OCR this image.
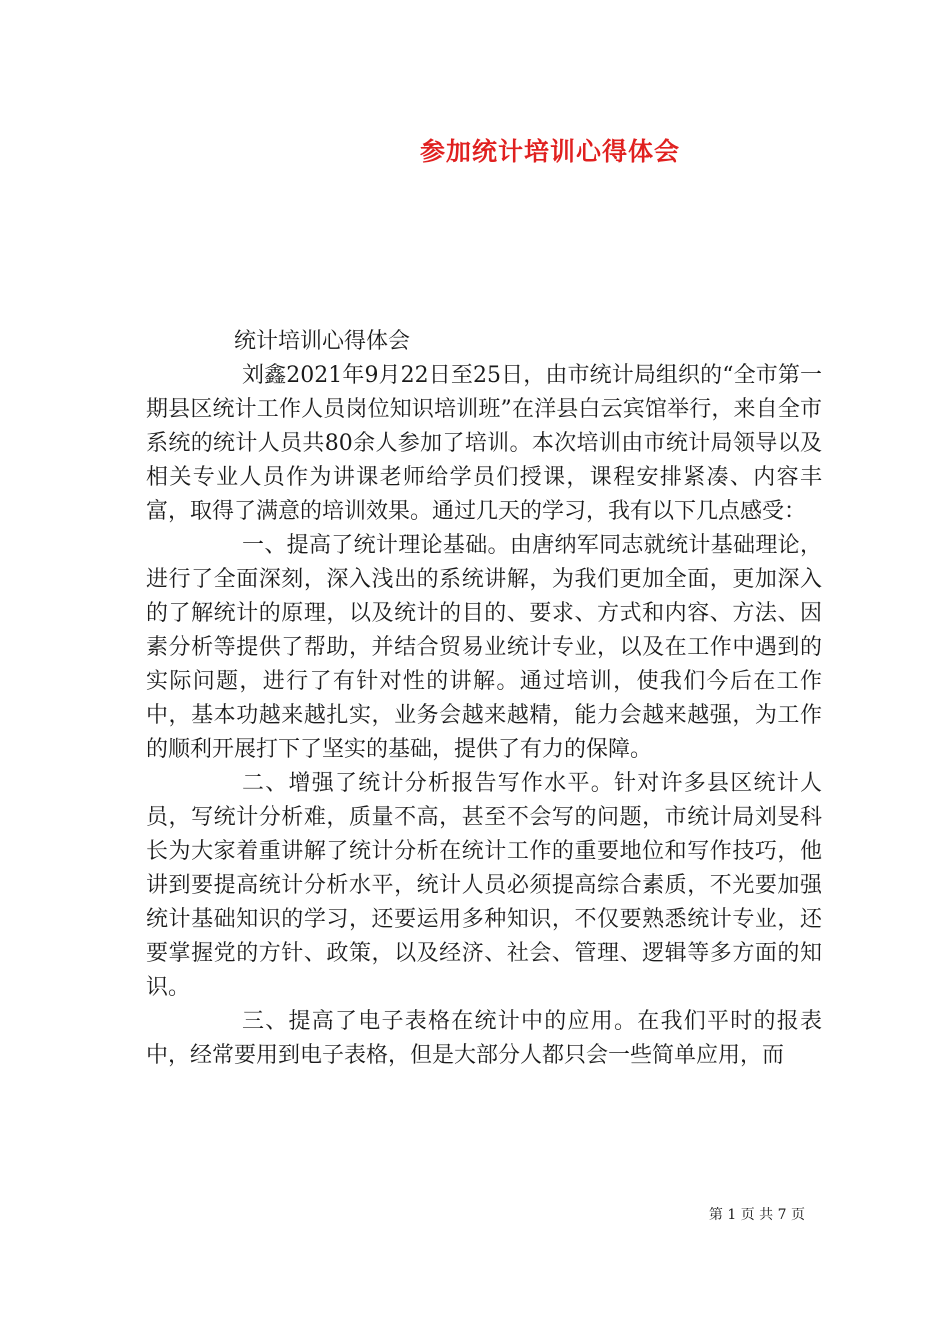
参加统计培训心得体会

统计培训心得体会

刘鑫2021年9月22日至25日，由市统计局组织的“全市第一期县区统计工作人员岗位知识培训班”在洋县白云宾馆举行，来自全市系统的统计人员共80余人参加了培训。本次培训由市统计局领导以及相关专业人员作为讲课老师给学员们授课，课程安排紧凑、内容丰富，取得了满意的培训效果。通过几天的学习，我有以下几点感受：

一、提高了统计理论基础。由唐纳军同志就统计基础理论，进行了全面深刻，深入浅出的系统讲解，为我们更加全面，更加深入的了解统计的原理，以及统计的目的、要求、方式和内容、方法、因素分析等提供了帮助，并结合贸易业统计专业，以及在工作中遇到的实际问题，进行了有针对性的讲解。通过培训，使我们今后在工作中，基本功越来越扎实，业务会越来越精，能力会越来越强，为工作的顺利开展打下了坚实的基础，提供了有力的保障。

二、增强了统计分析报告写作水平。针对许多县区统计人员，写统计分析难，质量不高，甚至不会写的问题，市统计局刘旻科长为大家着重讲解了统计分析在统计工作的重要地位和写作技巧，他讲到要提高统计分析水平，统计人员必须提高综合素质，不光要加强统计基础知识的学习，还要运用多种知识，不仅要熟悉统计专业，还要掌握党的方针、政策，以及经济、社会、管理、逻辑等多方面的知识。

三、提高了电子表格在统计中的应用。在我们平时的报表中，经常要用到电子表格，但是大部分人都只会一些简单应用，而

第 1 页 共 7 页
